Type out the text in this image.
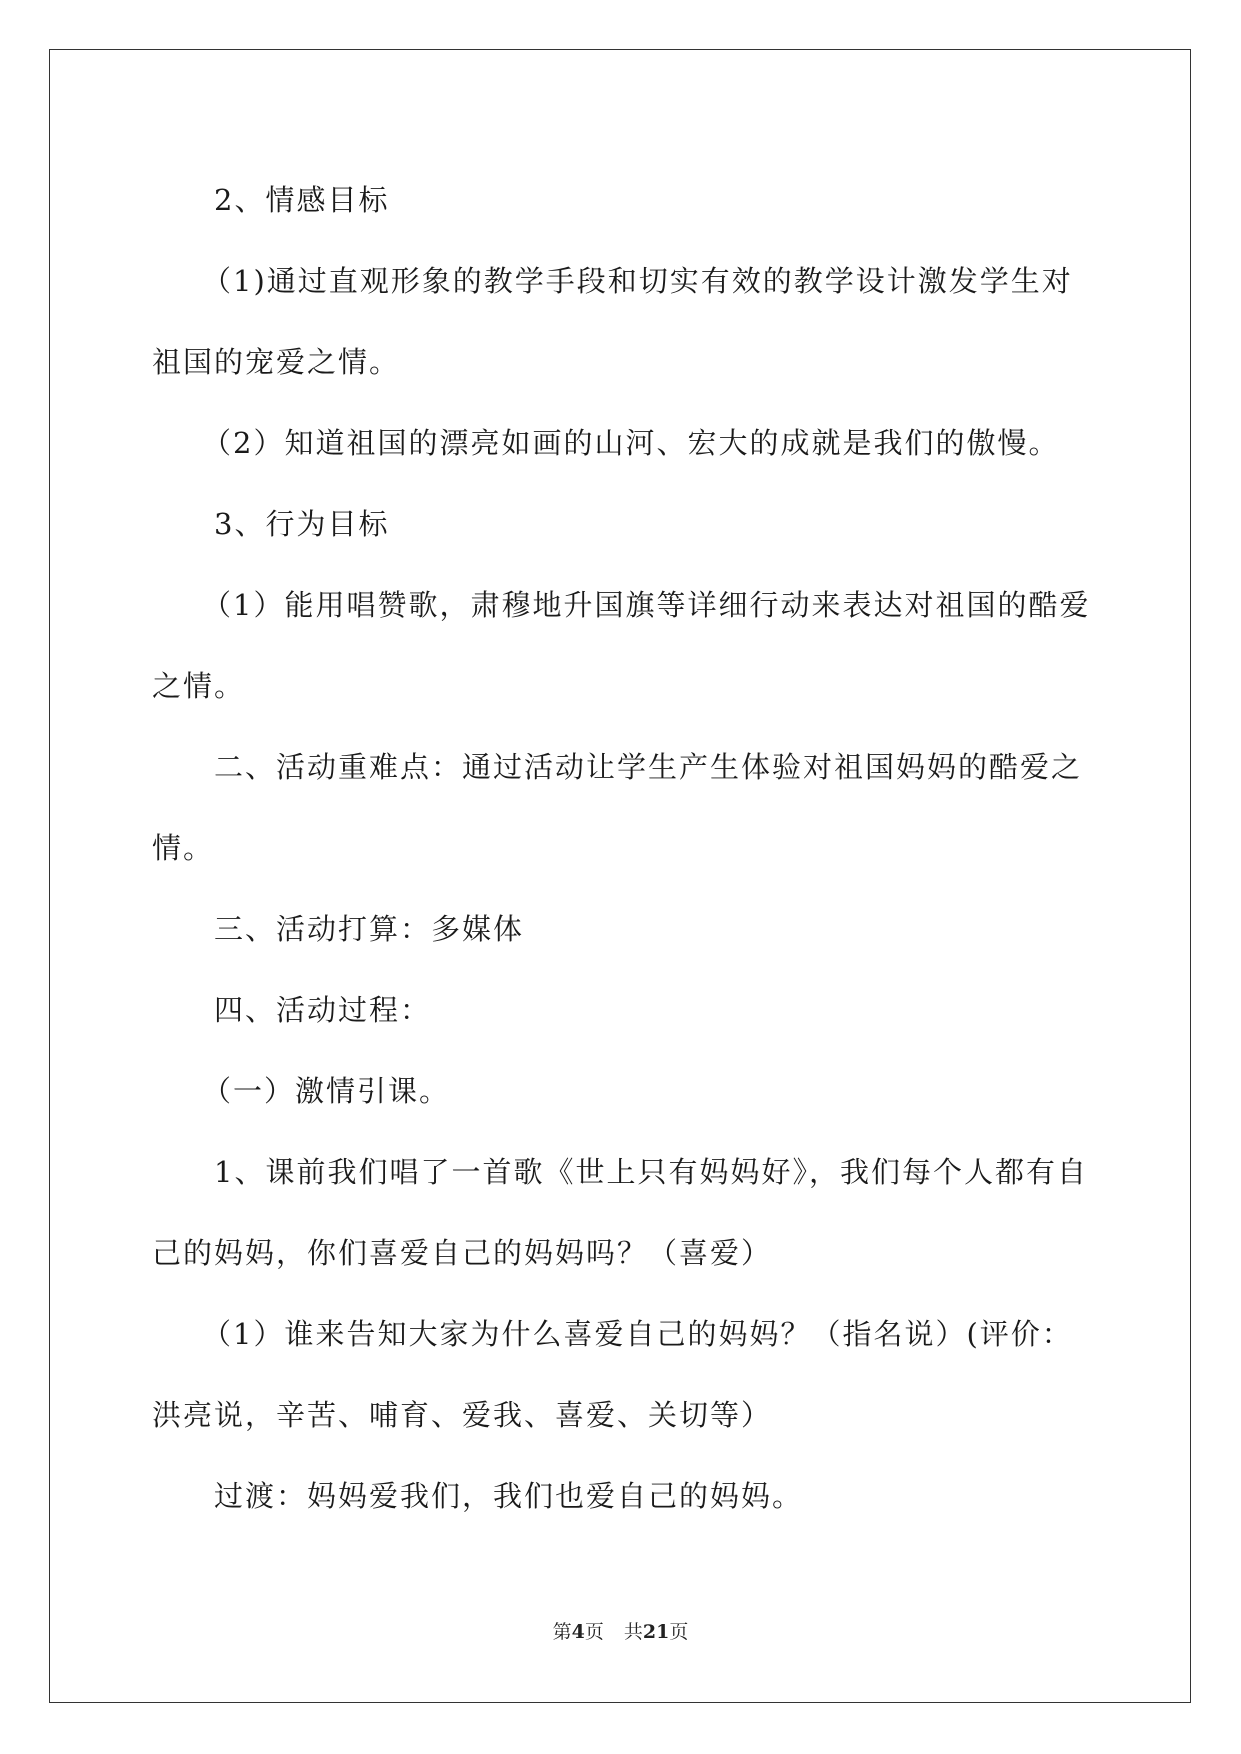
2、情感目标

（1)通过直观形象的教学手段和切实有效的教学设计激发学生对祖国的宠爱之情。

（2）知道祖国的漂亮如画的山河、宏大的成就是我们的傲慢。

3、行为目标

（1）能用唱赞歌，肃穆地升国旗等详细行动来表达对祖国的酷爱之情。

二、活动重难点：通过活动让学生产生体验对祖国妈妈的酷爱之情。

三、活动打算：多媒体

四、活动过程：

（一）激情引课。

1、课前我们唱了一首歌《世上只有妈妈好》，我们每个人都有自己的妈妈，你们喜爱自己的妈妈吗？（喜爱）

（1）谁来告知大家为什么喜爱自己的妈妈？（指名说）(评价：洪亮说，辛苦、哺育、爱我、喜爱、关切等）

过渡：妈妈爱我们，我们也爱自己的妈妈。

第4页 共21页
